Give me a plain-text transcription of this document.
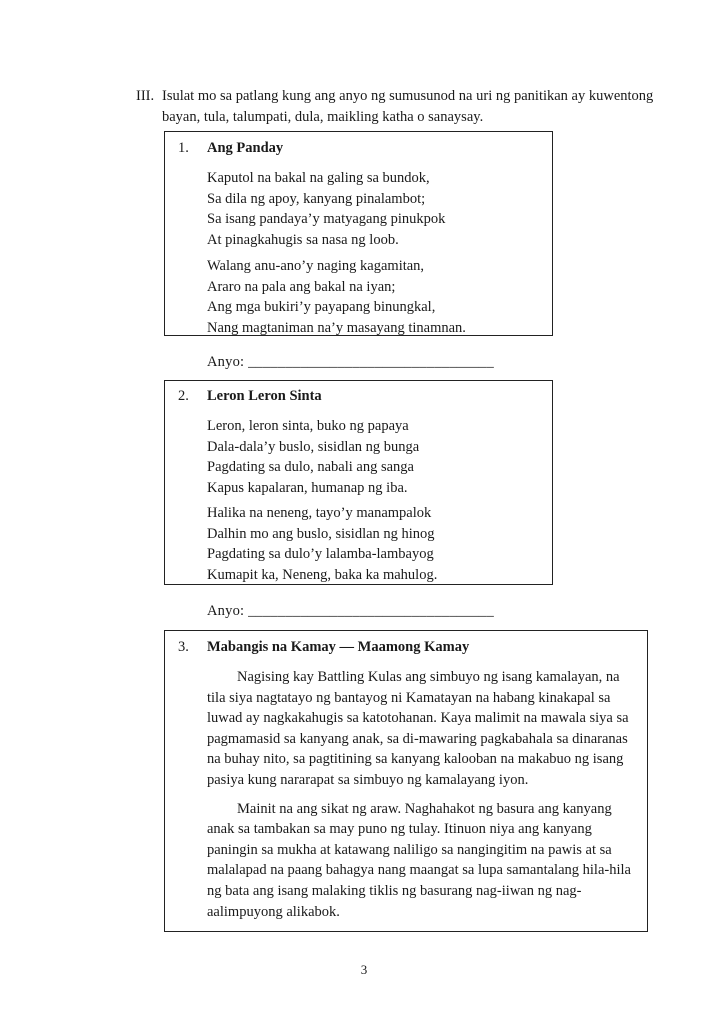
III. Isulat mo sa patlang kung ang anyo ng sumusunod na uri ng panitikan ay kuwentong bayan, tula, talumpati, dula, maikling katha o sanaysay.
1. Ang Panday
Kaputol na bakal na galing sa bundok,
Sa dila ng apoy, kanyang pinalambot;
Sa isang pandaya’y matyagang pinukpok
At pinagkahugis sa nasa ng loob.
Walang anu-ano’y naging kagamitan,
Araro na pala ang bakal na iyan;
Ang mga bukiri’y payapang binungkal,
Nang magtaniman na’y masayang tinamnan.
Anyo: _________________________________
2. Leron Leron Sinta
Leron, leron sinta, buko ng papaya
Dala-dala’y buslo, sisidlan ng bunga
Pagdating sa dulo, nabali ang sanga
Kapus kapalaran, humanap ng iba.
Halika na neneng, tayo’y manampalok
Dalhin mo ang buslo, sisidlan ng hinog
Pagdating sa dulo’y lalamba-lambayog
Kumapit ka, Neneng, baka ka mahulog.
Anyo: _________________________________
3. Mabangis na Kamay — Maamong Kamay

Nagising kay Battling Kulas ang simbuyo ng isang kamalayan, na tila siya nagtatayo ng bantayog ni Kamatayan na habang kinakapal sa luwad ay nagkakahugis sa katotohanan. Kaya malimit na mawala siya sa pagmamasid sa kanyang anak, sa di-mawaring pagkabahala sa dinaranas na buhay nito, sa pagtitining sa kanyang kalooban na makabuo ng isang pasiya kung nararapat sa simbuyo ng kamalayang iyon.

Mainit na ang sikat ng araw. Naghahakot ng basura ang kanyang anak sa tambakan sa may puno ng tulay. Itinuon niya ang kanyang paningin sa mukha at katawang naliligo sa nangingitim na pawis at sa malalapad na paang bahagya nang maangat sa lupa samantalang hila-hila ng bata ang isang malaking tiklis ng basurang nag-iiwan ng nag-aalimpuyong alikabok.

3
